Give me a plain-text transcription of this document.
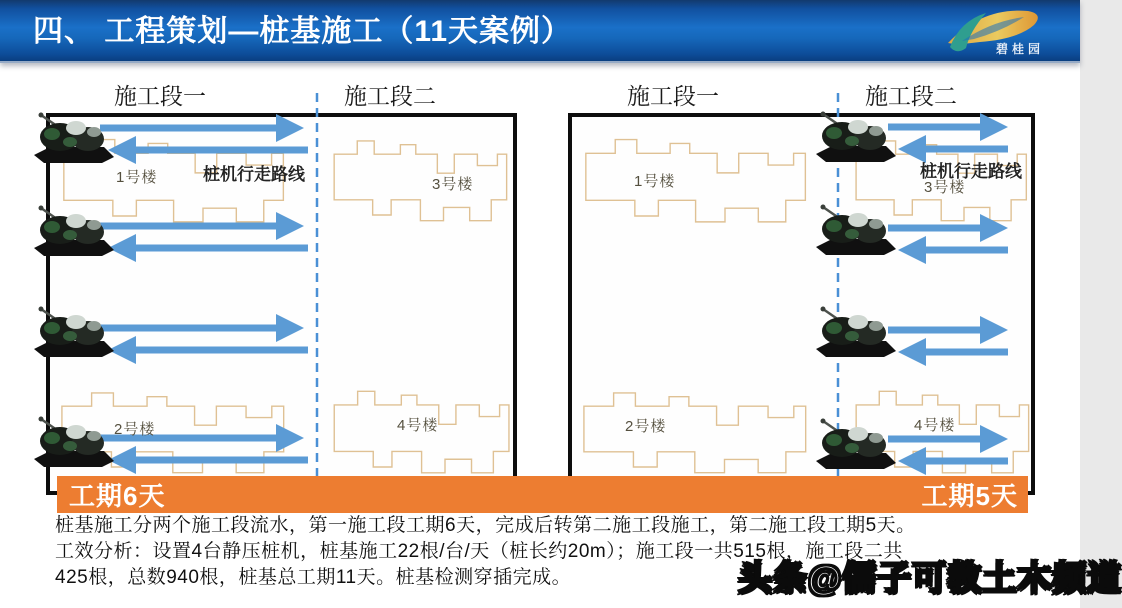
四、 工程策划—桩基施工（11天案例）
碧桂园
施工段一	施工段二
桩机行走路线
1号楼	3号楼
2号楼	4号楼
施工段一	施工段二
桩机行走路线
1号楼	3号楼
2号楼	4号楼
工期6天	工期5天
桩基施工分两个施工段流水，第一施工段工期6天，完成后转第二施工段施工，第二施工段工期5天。
工效分析：设置4台静压桩机，桩基施工22根/台/天（桩长约20m）；施工段一共515根，施工段二共
425根，总数940根，桩基总工期11天。桩基检测穿插完成。	头条@儒子可教土木频道
